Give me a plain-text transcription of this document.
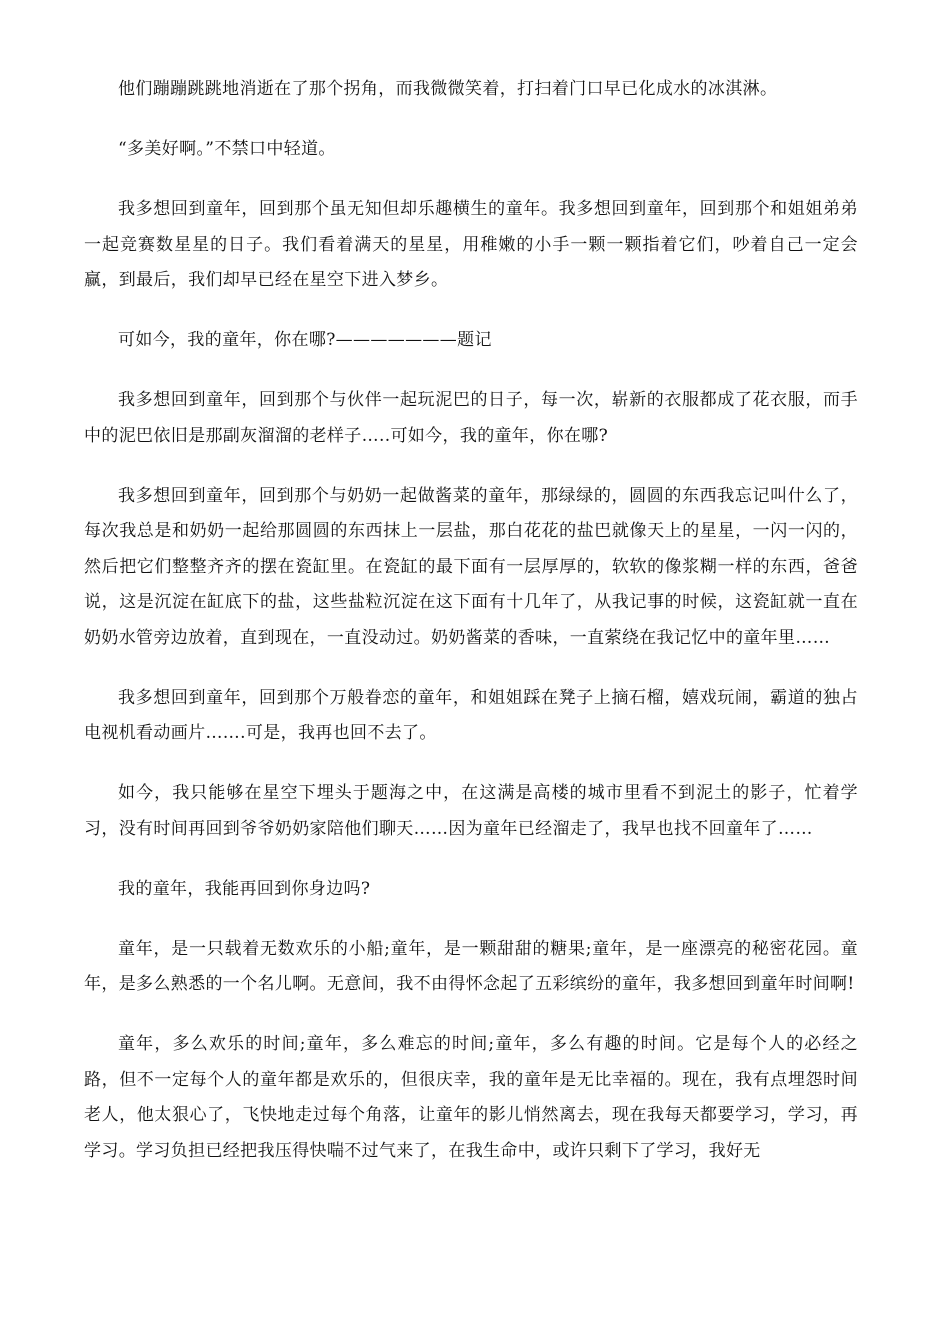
他们蹦蹦跳跳地消逝在了那个拐角，而我微微笑着，打扫着门口早已化成水的冰淇淋。

“多美好啊。”不禁口中轻道。

我多想回到童年，回到那个虽无知但却乐趣横生的童年。我多想回到童年，回到那个和姐姐弟弟一起竞赛数星星的日子。我们看着满天的星星，用稚嫩的小手一颗一颗指着它们，吵着自己一定会赢，到最后，我们却早已经在星空下进入梦乡。

可如今，我的童年，你在哪?———————题记

我多想回到童年，回到那个与伙伴一起玩泥巴的日子，每一次，崭新的衣服都成了花衣服，而手中的泥巴依旧是那副灰溜溜的老样子…..可如今，我的童年，你在哪?

我多想回到童年，回到那个与奶奶一起做酱菜的童年，那绿绿的，圆圆的东西我忘记叫什么了，每次我总是和奶奶一起给那圆圆的东西抹上一层盐，那白花花的盐巴就像天上的星星，一闪一闪的，然后把它们整整齐齐的摆在瓷缸里。在瓷缸的最下面有一层厚厚的，软软的像浆糊一样的东西，爸爸说，这是沉淀在缸底下的盐，这些盐粒沉淀在这下面有十几年了，从我记事的时候，这瓷缸就一直在奶奶水管旁边放着，直到现在，一直没动过。奶奶酱菜的香味，一直萦绕在我记忆中的童年里……

我多想回到童年，回到那个万般眷恋的童年，和姐姐踩在凳子上摘石榴，嬉戏玩闹，霸道的独占电视机看动画片…….可是，我再也回不去了。

如今，我只能够在星空下埋头于题海之中，在这满是高楼的城市里看不到泥土的影子，忙着学习，没有时间再回到爷爷奶奶家陪他们聊天……因为童年已经溜走了，我早也找不回童年了……

我的童年，我能再回到你身边吗?

童年，是一只载着无数欢乐的小船;童年，是一颗甜甜的糖果;童年，是一座漂亮的秘密花园。童年，是多么熟悉的一个名儿啊。无意间，我不由得怀念起了五彩缤纷的童年，我多想回到童年时间啊!

童年，多么欢乐的时间;童年，多么难忘的时间;童年，多么有趣的时间。它是每个人的必经之路，但不一定每个人的童年都是欢乐的，但很庆幸，我的童年是无比幸福的。现在，我有点埋怨时间老人，他太狠心了，飞快地走过每个角落，让童年的影儿悄然离去，现在我每天都要学习，学习，再学习。学习负担已经把我压得快喘不过气来了，在我生命中，或许只剩下了学习，我好无
